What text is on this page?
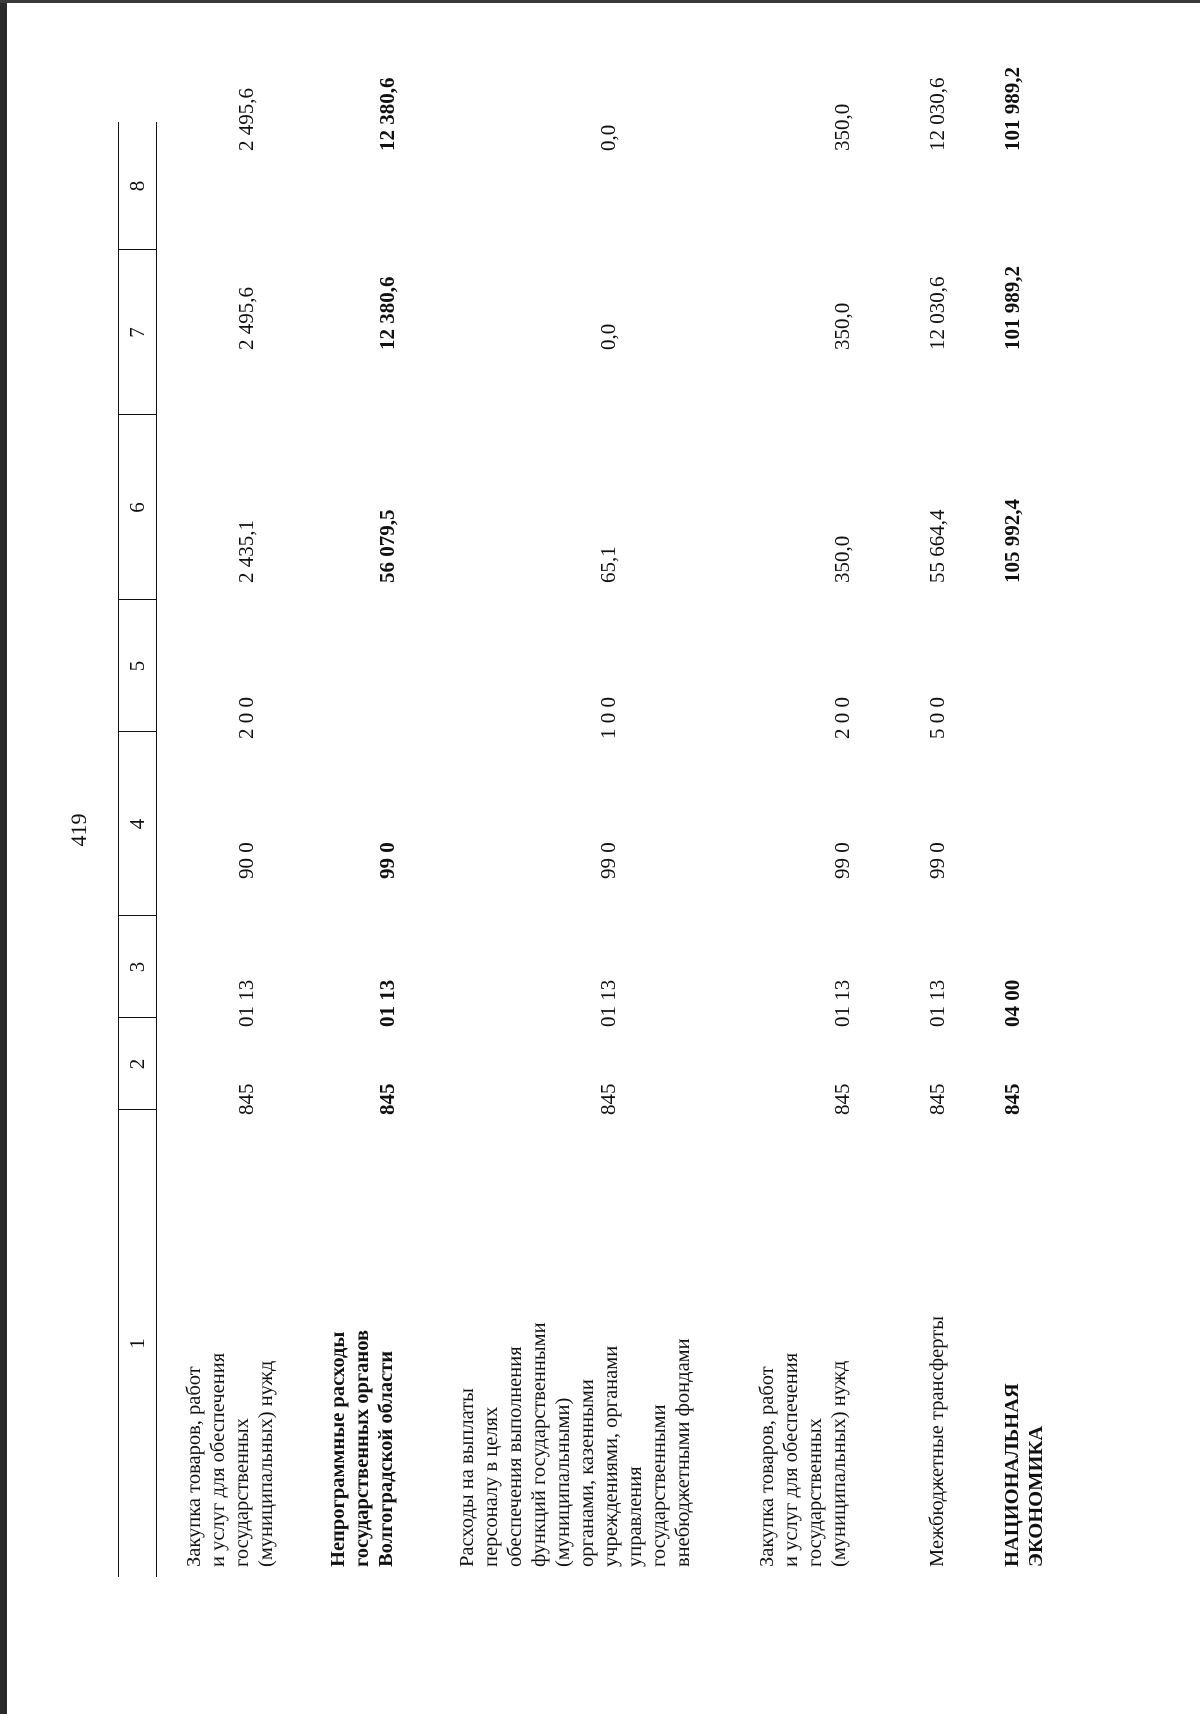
419
1
2
3
4
5
6
7
8
Закупка товаров, работ
и услуг для обеспечения
государственных
(муниципальных) нужд
845
01 13
90 0
2 0 0
2 435,1
2 495,6
2 495,6
Непрограммные расходы
государственных органов
Волгоградской области
845
01 13
99 0
56 079,5
12 380,6
12 380,6
Расходы на выплаты
персоналу в целях
обеспечения выполнения
функций государственными
(муниципальными)
органами, казенными
учреждениями, органами
управления
государственными
внебюджетными фондами
845
01 13
99 0
1 0 0
65,1
0,0
0,0
Закупка товаров, работ
и услуг для обеспечения
государственных
(муниципальных) нужд
845
01 13
99 0
2 0 0
350,0
350,0
350,0
Межбюджетные трансферты
845
01 13
99 0
5 0 0
55 664,4
12 030,6
12 030,6
НАЦИОНАЛЬНАЯ
ЭКОНОМИКА
845
04 00
105 992,4
101 989,2
101 989,2
